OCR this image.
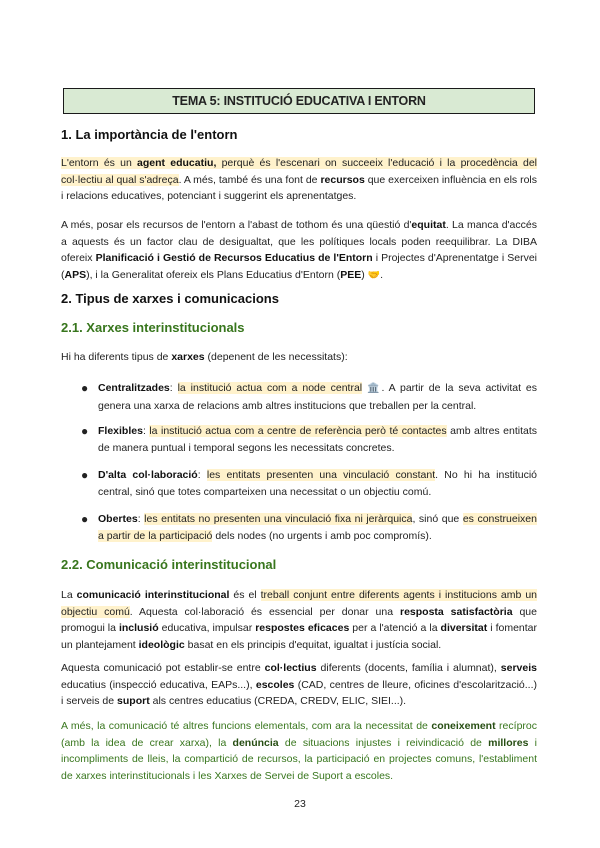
TEMA 5: INSTITUCIÓ EDUCATIVA I ENTORN
1. La importància de l'entorn
L'entorn és un agent educatiu, perquè és l'escenari on succeeix l'educació i la procedència del col·lectiu al qual s'adreça. A més, també és una font de recursos que exerceixen influència en els rols i relacions educatives, potenciant i suggerint els aprenentatges.
A més, posar els recursos de l'entorn a l'abast de tothom és una qüestió d'equitat. La manca d'accés a aquests és un factor clau de desigualtat, que les polítiques locals poden reequilibrar. La DIBA ofereix Planificació i Gestió de Recursos Educatius de l'Entorn i Projectes d'Aprenentatge i Servei (APS), i la Generalitat ofereix els Plans Educatius d'Entorn (PEE) 🤝.
2. Tipus de xarxes i comunicacions
2.1. Xarxes interinstitucionals
Hi ha diferents tipus de xarxes (depenent de les necessitats):
● Centralitzades: la institució actua com a node central 🏛️. A partir de la seva activitat es genera una xarxa de relacions amb altres institucions que treballen per la central.
● Flexibles: la institució actua com a centre de referència però té contactes amb altres entitats de manera puntual i temporal segons les necessitats concretes.
● D'alta col·laboració: les entitats presenten una vinculació constant. No hi ha institució central, sinó que totes comparteixen una necessitat o un objectiu comú.
● Obertes: les entitats no presenten una vinculació fixa ni jeràrquica, sinó que es construeixen a partir de la participació dels nodes (no urgents i amb poc compromís).
2.2. Comunicació interinstitucional
La comunicació interinstitucional és el treball conjunt entre diferents agents i institucions amb un objectiu comú. Aquesta col·laboració és essencial per donar una resposta satisfactòria que promogui la inclusió educativa, impulsar respostes eficaces per a l'atenció a la diversitat i fomentar un plantejament ideològic basat en els principis d'equitat, igualtat i justícia social.
Aquesta comunicació pot establir-se entre col·lectius diferents (docents, família i alumnat), serveis educatius (inspecció educativa, EAPs...), escoles (CAD, centres de lleure, oficines d'escolarització...) i serveis de suport als centres educatius (CREDA, CREDV, ELIC, SIEI...).
A més, la comunicació té altres funcions elementals, com ara la necessitat de coneixement recíproc (amb la idea de crear xarxa), la denúncia de situacions injustes i reivindicació de millores i incompliments de lleis, la compartició de recursos, la participació en projectes comuns, l'establiment de xarxes interinstitucionals i les Xarxes de Servei de Suport a escoles.
23
